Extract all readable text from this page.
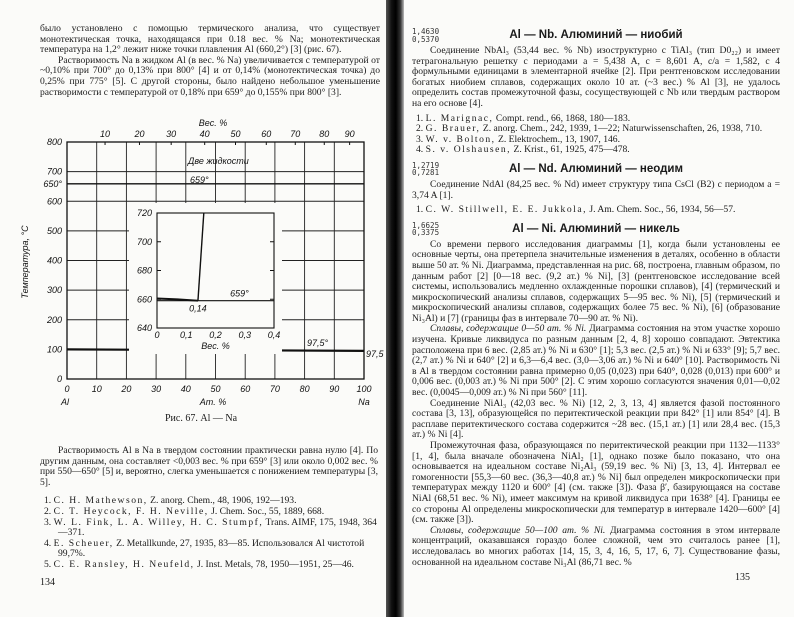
было установлено с помощью термического анализа, что существует монотектическая точка, находящаяся при 0.18 вес. % Na; монотектическая температура на 1,2° лежит ниже точки плавления Al (660,2°) [3] (рис. 67).

Растворимость Na в жидком Al (в вес. % Na) увеличивается с температурой от ~0,10% при 700° до 0,13% при 800° [4] и от 0,14% (монотектическая точка) до 0,25% при 775° [5]. С другой стороны, было найдено небольшое уменьшение растворимости с температурой от 0,18% при 659° до 0,155% при 800° [3].

Две жидкости
659°
97,5°
97,5
0
100
200
300
400
500
600
650°
700
800
0 10 20 30 40 50 60 70 80 90 100
Al	Na
Ат. %
10	20 30	40 50 60 70 80 90
Вес. %
Температура, °C
640
660
680
700
720
0 0,1 0,2 0,3 0,4
Вес. %
0,14
659°
Рис. 67. Al — Na

Растворимость Al в Na в твердом состоянии практически равна нулю [4]. По другим данным, она составляет <0,003 вес. % при 659° [3] или около 0,002 вес. % при 550—650° [5] и, вероятно, слегка уменьшается с понижением температуры [3, 5].

1. C. H. Mathewson, Z. anorg. Chem., 48, 1906, 192—193.
2. C. T. Heycock, F. H. Neville, J. Chem. Soc., 55, 1889, 668.
3. W. L. Fink, L. A. Willey, H. C. Stumpf, Trans. AIMF, 175, 1948, 364—371.
4. E. Scheuer, Z. Metallkunde, 27, 1935, 83—85. Использовался Al чистотой 99,7%.
5. C. E. Ransley, H. Neufeld, J. Inst. Metals, 78, 1950—1951, 25—46.
134
1,4630
0,5370	Al — Nb. Алюминий — ниобий

Соединение NbAl₃ (53,44 вес. % Nb) изоструктурно с TiAl₃ (тип D0₂₂) и имеет тетрагональную решетку с периодами a = 5,438 A, c = 8,601 A, c/a = 1,582, с 4 формульными единицами в элементарной ячейке [2]. При рентгеновском исследовании богатых ниобием сплавов, содержащих около 10 ат. (~3 вес.) % Al [3], не удалось определить состав промежуточной фазы, сосуществующей с Nb или твердым раствором на его основе [4].

1. L. Marignac, Compt. rend., 66, 1868, 180—183.
2. G. Brauer, Z. anorg. Chem., 242, 1939, 1—22; Naturwissenschaften, 26, 1938, 710.
3. W. v. Bolton, Z. Elektrochem., 13, 1907, 146.
4. S. v. Olshausen, Z. Krist., 61, 1925, 475—478.
1,2719
0,7281	Al — Nd. Алюминий — неодим

Соединение NdAl (84,25 вес. % Nd) имеет структуру типа CsCl (B2) с периодом a = 3,74 A [1].

1. C. W. Stillwell, E. E. Jukkola, J. Am. Chem. Soc., 56, 1934, 56—57.
1,6625
0,3375	Al — Ni. Алюминий — никель

Со времени первого исследования диаграммы [1], когда были установлены ее основные черты, она претерпела значительные изменения в деталях, особенно в области выше 50 ат. % Ni. Диаграмма, представленная на рис. 68, построена, главным образом, по данным работ [2] [0—18 вес. (9,2 ат.) % Ni], [3] (рентгеновское исследование всей системы, использовались медленно охлажденные порошки сплавов), [4] (термический и микроскопический анализы сплавов, содержащих 5—95 вес. % Ni), [5] (термический и микроскопический анализы сплавов, содержащих более 75 вес. % Ni), [6] (образование Ni₃Al) и [7] (границы фаз в интервале 70—90 ат. % Ni).

Сплавы, содержащие 0—50 ат. % Ni. Диаграмма состояния на этом участке хорошо изучена. Кривые ликвидуса по разным данным [2, 4, 8] хорошо совпадают. Эвтектика расположена при 6 вес. (2,85 ат.) % Ni и 630° [1]; 5,3 вес. (2,5 ат.) % Ni и 633° [9]; 5,7 вес. (2,7 ат.) % Ni и 640° [2] и 6,3—6,4 вес. (3,0—3,06 ат.) % Ni и 640° [10]. Растворимость Ni в Al в твердом состоянии равна примерно 0,05 (0,023) при 640°, 0,028 (0,013) при 600° и 0,006 вес. (0,003 ат.) % Ni при 500° [2]. С этим хорошо согласуются значения 0,01—0,02 вес. (0,0045—0,009 ат.) % Ni при 560° [11].

Соединение NiAl₃ (42,03 вес. % Ni) [12, 2, 3, 13, 4] является фазой постоянного состава [3, 13], образующейся по перитектической реакции при 842° [1] или 854° [4]. В расплаве перитектического состава содержится ~28 вес. (15,1 ат.) [1] или 28,4 вес. (15,3 ат.) % Ni [4].

Промежуточная фаза, образующаяся по перитектической реакции при 1132—1133° [1, 4], была вначале обозначена NiAl₂ [1], однако позже было показано, что она основывается на идеальном составе Ni₂Al₃ (59,19 вес. % Ni) [3, 13, 4]. Интервал ее гомогенности [55,3—60 вес. (36,3—40,8 ат.) % Ni] был определен микроскопически при температурах между 1120 и 600° [4] (см. также [3]). Фаза β′, базирующаяся на составе NiAl (68,51 вес. % Ni), имеет максимум на кривой ликвидуса при 1638° [4]. Границы ее со стороны Al определены микроскопически для температур в интервале 1420—600° [4] (см. также [3]).

Сплавы, содержащие 50—100 ат. % Ni. Диаграмма состояния в этом интервале концентраций, оказавшаяся гораздо более сложной, чем это считалось ранее [1], исследовалась во многих работах [14, 15, 3, 4, 16, 5, 17, 6, 7]. Существование фазы, основанной на идеальном составе Ni₃Al (86,71 вес. %

135
